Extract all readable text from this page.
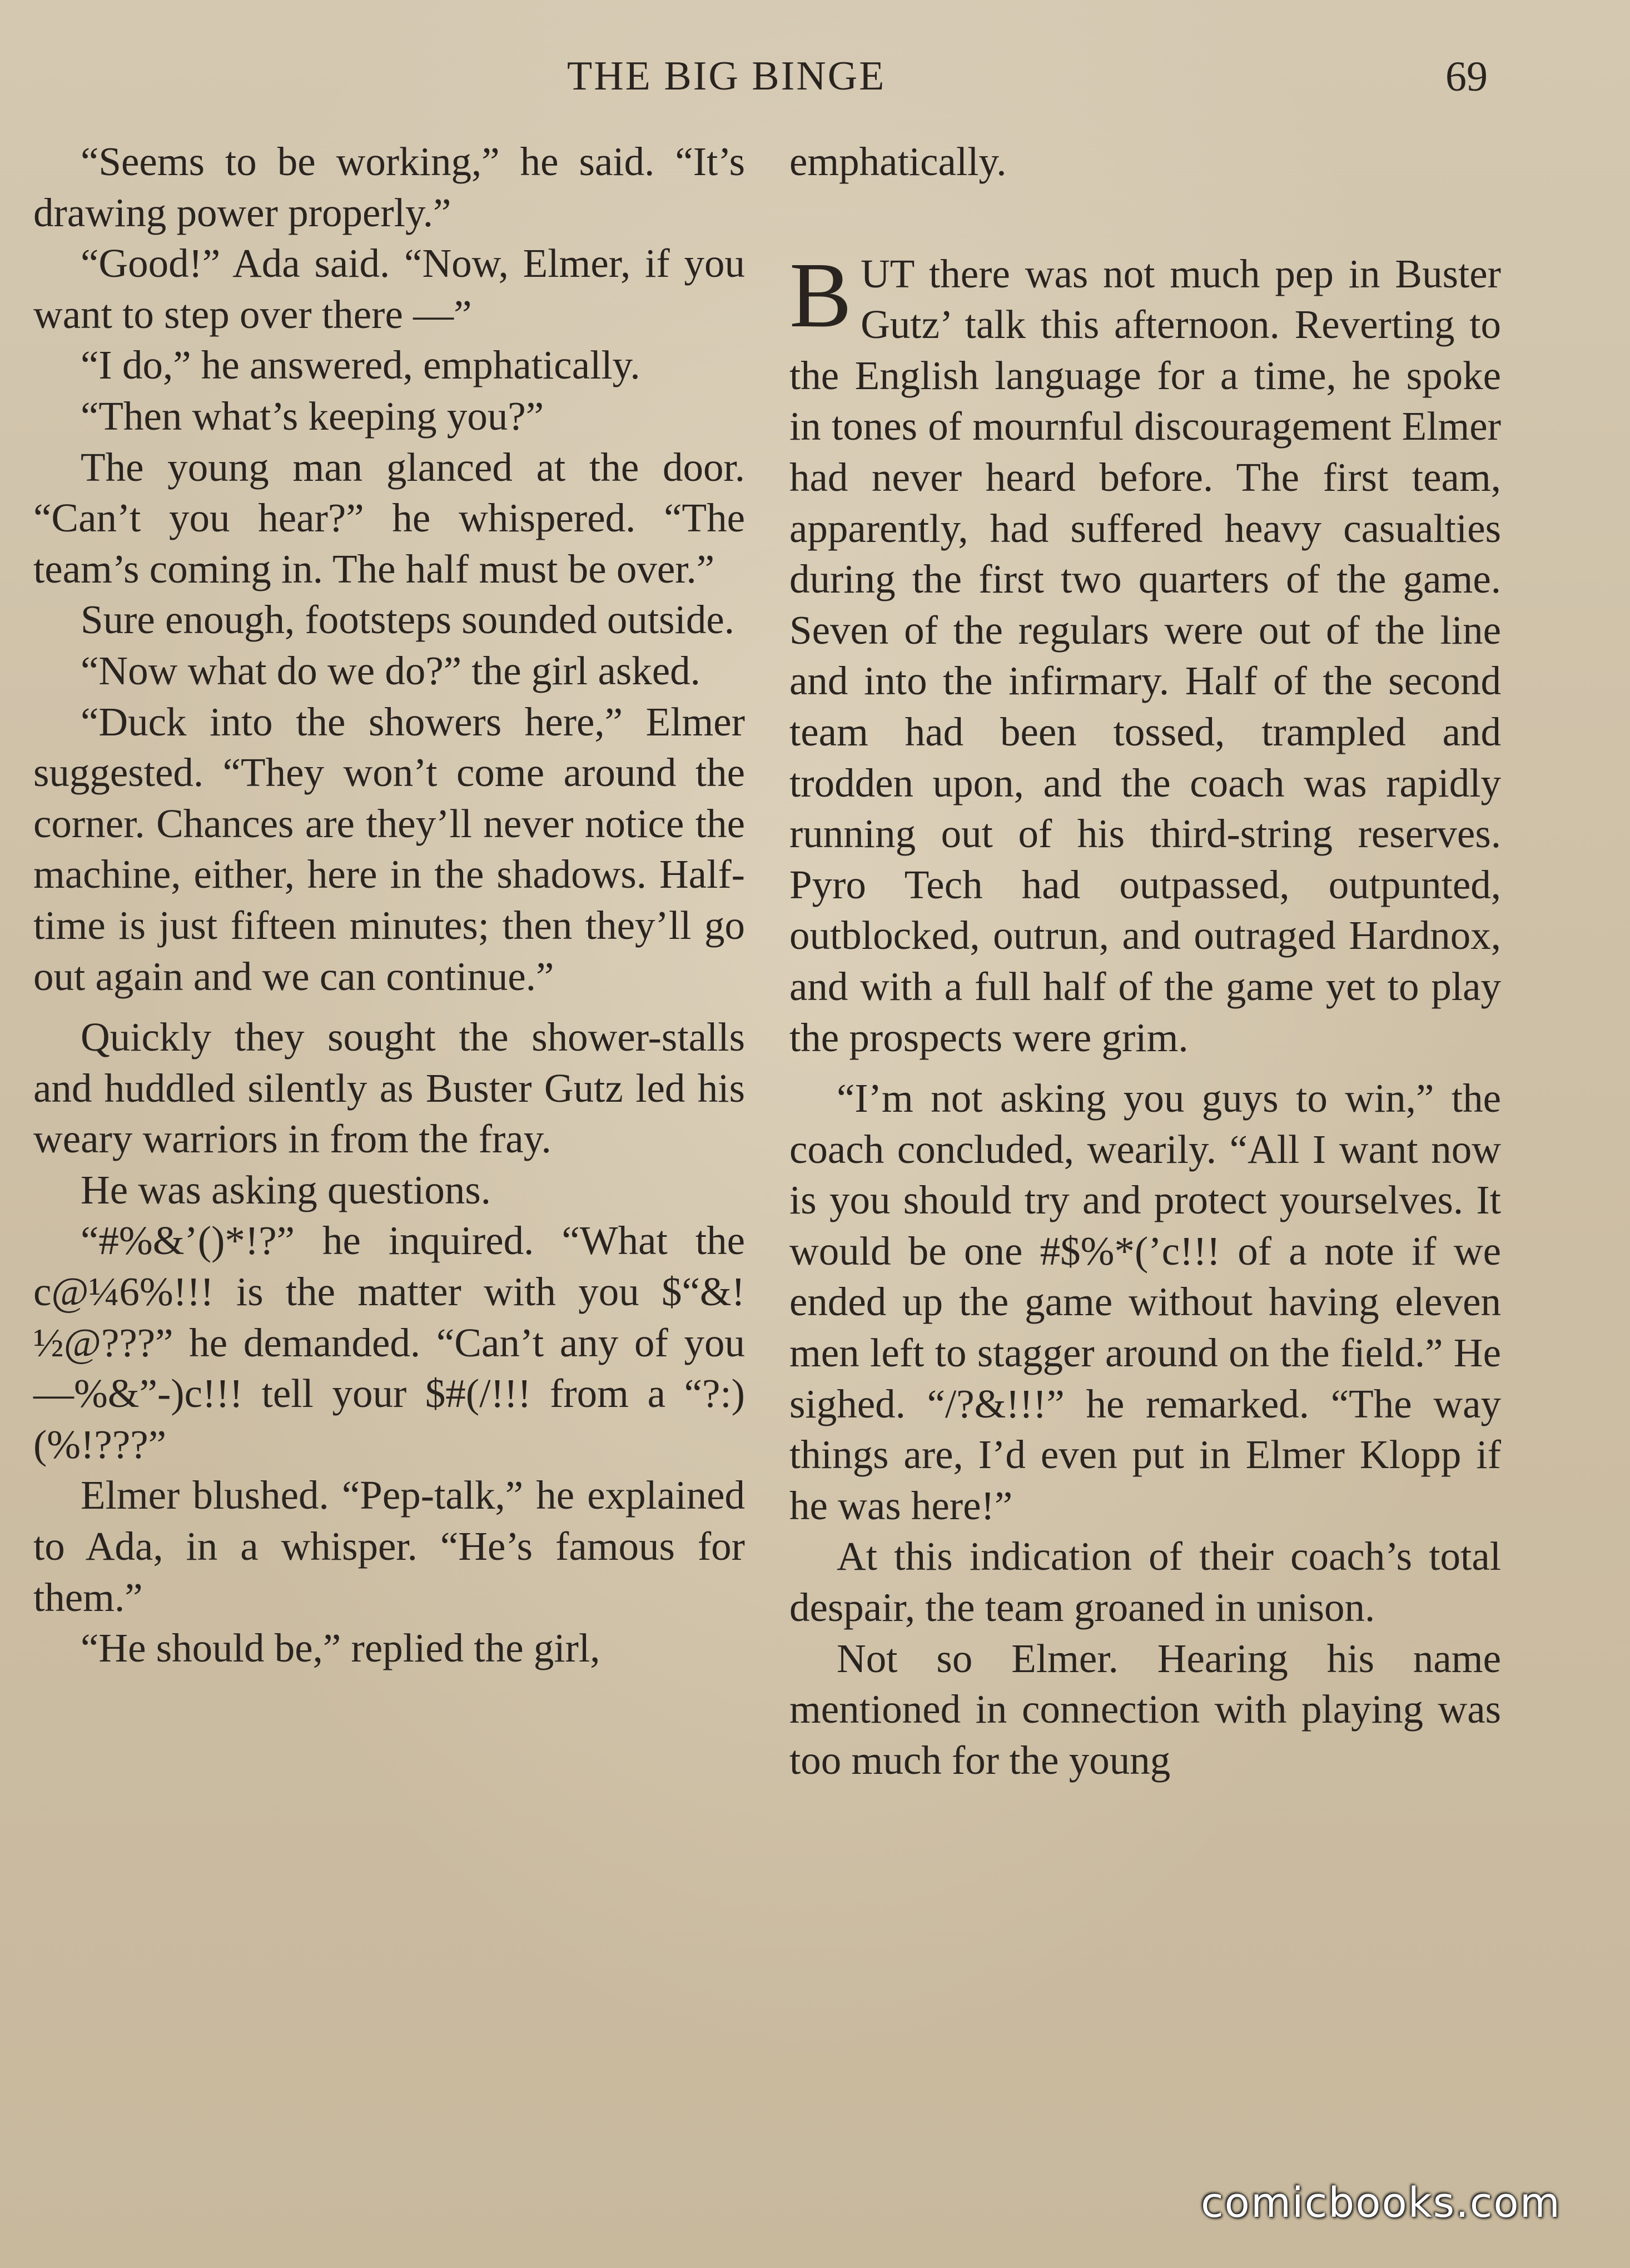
THE BIG BINGE	69

“Seems to be working,” he said. “It’s drawing power properly.”

“Good!” Ada said. “Now, Elmer, if you want to step over there —”

“I do,” he answered, emphatically.

“Then what’s keeping you?”

The young man glanced at the door. “Can’t you hear?” he whispered. “The team’s coming in. The half must be over.”

Sure enough, footsteps sounded outside.

“Now what do we do?” the girl asked.

“Duck into the showers here,” Elmer suggested. “They won’t come around the corner. Chances are they’ll never notice the machine, either, here in the shadows. Half-time is just fifteen minutes; then they’ll go out again and we can continue.”

Quickly they sought the shower-stalls and huddled silently as Buster Gutz led his weary warriors in from the fray.

He was asking questions.

“#%&’()*!?” he inquired. “What the c@¼6%!!! is the matter with you $“&!½@???” he demanded. “Can’t any of you —%&”-)c!!! tell your $#(/!!! from a “?:) (%!???”

Elmer blushed. “Pep-talk,” he explained to Ada, in a whisper. “He’s famous for them.”

“He should be,” replied the girl,

emphatically.

BUT there was not much pep in Buster Gutz’ talk this afternoon. Reverting to the English language for a time, he spoke in tones of mournful discouragement Elmer had never heard before. The first team, apparently, had suffered heavy casualties during the first two quarters of the game. Seven of the regulars were out of the line and into the infirmary. Half of the second team had been tossed, trampled and trodden upon, and the coach was rapidly running out of his third-string reserves. Pyro Tech had outpassed, outpunted, outblocked, outrun, and outraged Hardnox, and with a full half of the game yet to play the prospects were grim.

“I’m not asking you guys to win,” the coach concluded, wearily. “All I want now is you should try and protect yourselves. It would be one #$%*(’c!!! of a note if we ended up the game without having eleven men left to stagger around on the field.” He sighed. “/?&!!!” he remarked. “The way things are, I’d even put in Elmer Klopp if he was here!”

At this indication of their coach’s total despair, the team groaned in unison.

Not so Elmer. Hearing his name mentioned in connection with playing was too much for the young

comicbooks.com
